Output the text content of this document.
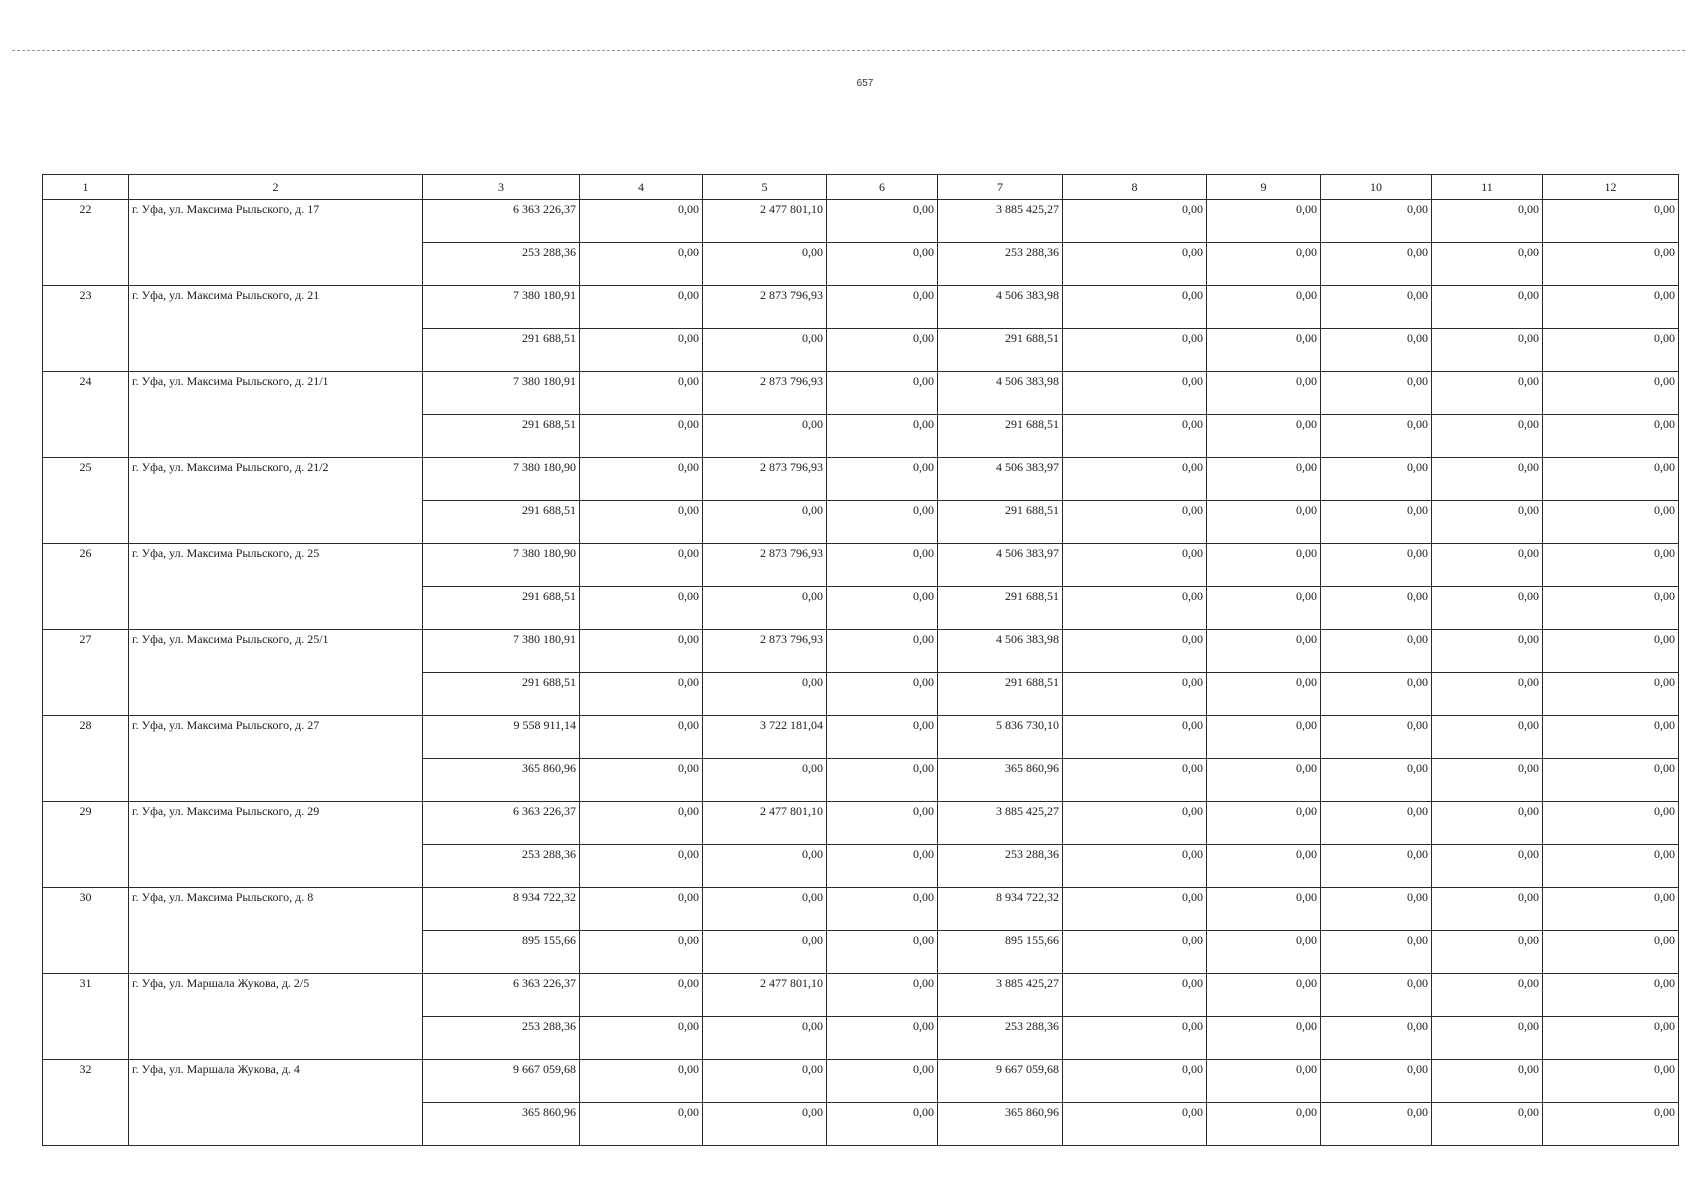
657
1	2	3	4	5	6	7	8	9	10	11	12
22	г. Уфа, ул. Максима Рыльского, д. 17	6 363 226,37	0,00	2 477 801,10	0,00	3 885 425,27	0,00	0,00	0,00	0,00	0,00
		253 288,36	0,00	0,00	0,00	253 288,36	0,00	0,00	0,00	0,00	0,00
23	г. Уфа, ул. Максима Рыльского, д. 21	7 380 180,91	0,00	2 873 796,93	0,00	4 506 383,98	0,00	0,00	0,00	0,00	0,00
		291 688,51	0,00	0,00	0,00	291 688,51	0,00	0,00	0,00	0,00	0,00
24	г. Уфа, ул. Максима Рыльского, д. 21/1	7 380 180,91	0,00	2 873 796,93	0,00	4 506 383,98	0,00	0,00	0,00	0,00	0,00
		291 688,51	0,00	0,00	0,00	291 688,51	0,00	0,00	0,00	0,00	0,00
25	г. Уфа, ул. Максима Рыльского, д. 21/2	7 380 180,90	0,00	2 873 796,93	0,00	4 506 383,97	0,00	0,00	0,00	0,00	0,00
		291 688,51	0,00	0,00	0,00	291 688,51	0,00	0,00	0,00	0,00	0,00
26	г. Уфа, ул. Максима Рыльского, д. 25	7 380 180,90	0,00	2 873 796,93	0,00	4 506 383,97	0,00	0,00	0,00	0,00	0,00
		291 688,51	0,00	0,00	0,00	291 688,51	0,00	0,00	0,00	0,00	0,00
27	г. Уфа, ул. Максима Рыльского, д. 25/1	7 380 180,91	0,00	2 873 796,93	0,00	4 506 383,98	0,00	0,00	0,00	0,00	0,00
		291 688,51	0,00	0,00	0,00	291 688,51	0,00	0,00	0,00	0,00	0,00
28	г. Уфа, ул. Максима Рыльского, д. 27	9 558 911,14	0,00	3 722 181,04	0,00	5 836 730,10	0,00	0,00	0,00	0,00	0,00
		365 860,96	0,00	0,00	0,00	365 860,96	0,00	0,00	0,00	0,00	0,00
29	г. Уфа, ул. Максима Рыльского, д. 29	6 363 226,37	0,00	2 477 801,10	0,00	3 885 425,27	0,00	0,00	0,00	0,00	0,00
		253 288,36	0,00	0,00	0,00	253 288,36	0,00	0,00	0,00	0,00	0,00
30	г. Уфа, ул. Максима Рыльского, д. 8	8 934 722,32	0,00	0,00	0,00	8 934 722,32	0,00	0,00	0,00	0,00	0,00
		895 155,66	0,00	0,00	0,00	895 155,66	0,00	0,00	0,00	0,00	0,00
31	г. Уфа, ул. Маршала Жукова, д. 2/5	6 363 226,37	0,00	2 477 801,10	0,00	3 885 425,27	0,00	0,00	0,00	0,00	0,00
		253 288,36	0,00	0,00	0,00	253 288,36	0,00	0,00	0,00	0,00	0,00
32	г. Уфа, ул. Маршала Жукова, д. 4	9 667 059,68	0,00	0,00	0,00	9 667 059,68	0,00	0,00	0,00	0,00	0,00
		365 860,96	0,00	0,00	0,00	365 860,96	0,00	0,00	0,00	0,00	0,00
